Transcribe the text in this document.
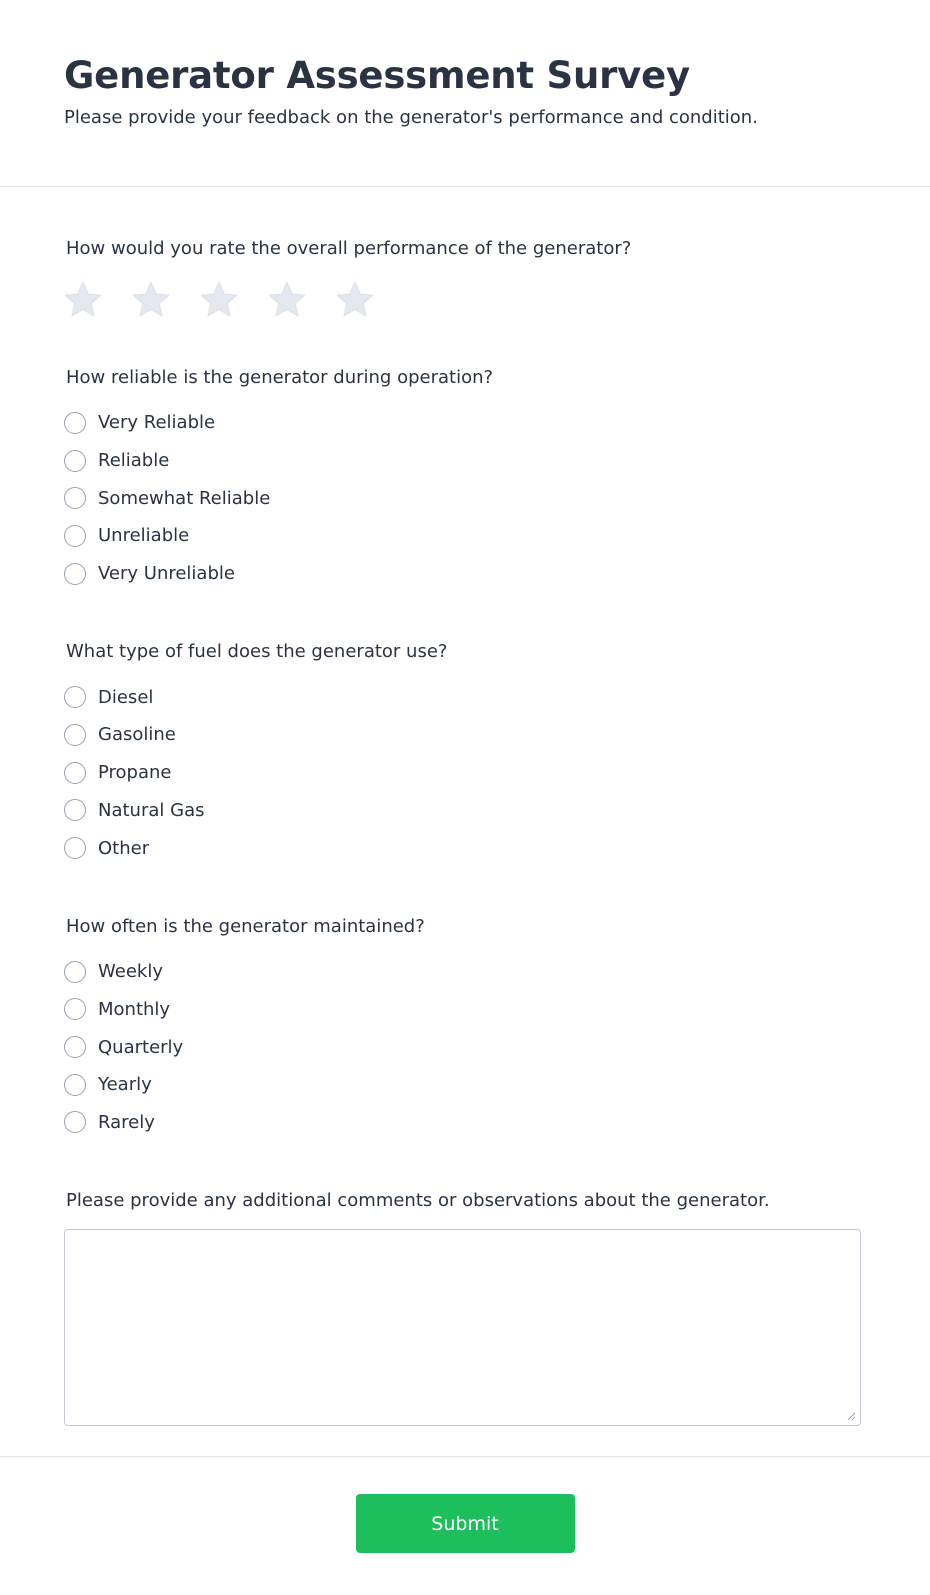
Generator Assessment Survey
Please provide your feedback on the generator's performance and condition.
How would you rate the overall performance of the generator?
How reliable is the generator during operation?
Very Reliable
Reliable
Somewhat Reliable
Unreliable
Very Unreliable
What type of fuel does the generator use?
Diesel
Gasoline
Propane
Natural Gas
Other
How often is the generator maintained?
Weekly
Monthly
Quarterly
Yearly
Rarely
Please provide any additional comments or observations about the generator.
Submit
